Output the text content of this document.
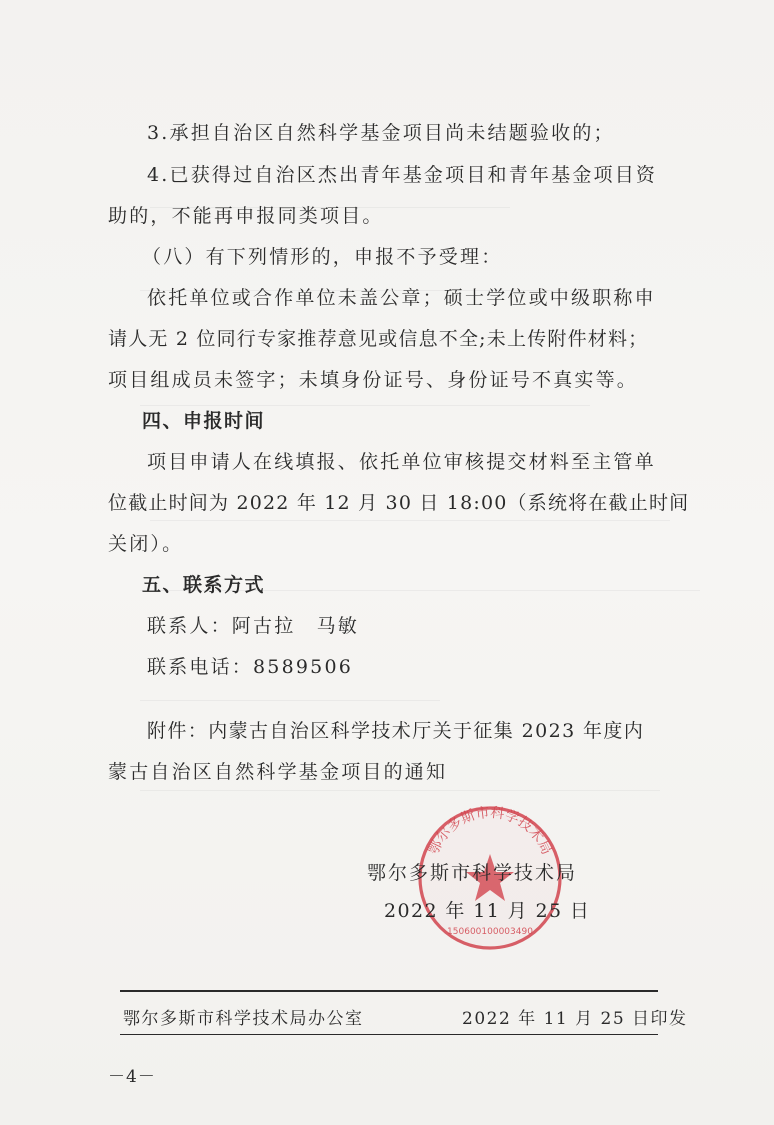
3.承担自治区自然科学基金项目尚未结题验收的；
4.已获得过自治区杰出青年基金项目和青年基金项目资
助的，不能再申报同类项目。
（八）有下列情形的，申报不予受理：
依托单位或合作单位未盖公章；硕士学位或中级职称申
请人无 2 位同行专家推荐意见或信息不全;未上传附件材料；
项目组成员未签字；未填身份证号、身份证号不真实等。
四、申报时间
项目申请人在线填报、依托单位审核提交材料至主管单
位截止时间为 2022 年 12 月 30 日 18:00（系统将在截止时间
关闭）。
五、联系方式
联系人：阿古拉　马敏
联系电话：8589506
附件：内蒙古自治区科学技术厅关于征集 2023 年度内
蒙古自治区自然科学基金项目的通知
鄂尔多斯市科学技术局
150600100003490
鄂尔多斯市科学技术局
2022 年 11 月 25 日
鄂尔多斯市科学技术局办公室	2022 年 11 月 25 日印发
－4－
